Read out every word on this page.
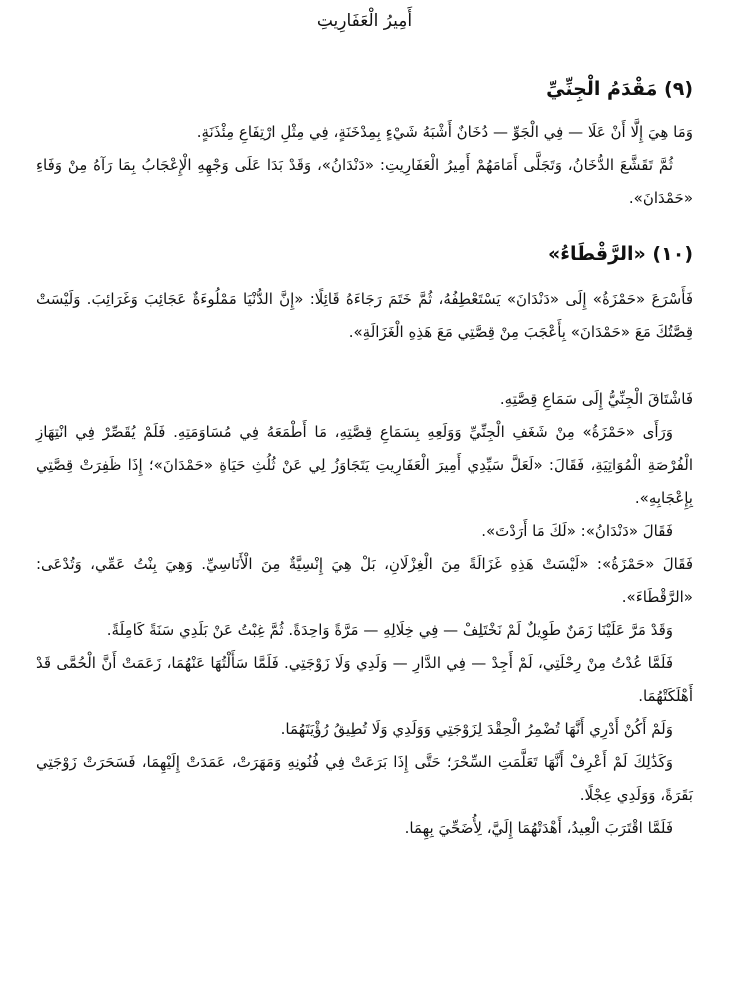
أَمِيرُ الْعَفَارِيتِ
(٩) مَقْدَمُ الْجِنِّيِّ

وَمَا هِيَ إِلَّا أَنْ عَلَا — فِي الْجَوِّ — دُخَانٌ أَشْبَهُ شَيْءٍ بِمِدْخَنَةٍ، فِي مِثْلِ ارْتِفَاعِ مِئْذَنَةٍ.

ثُمَّ تَقَشَّعَ الدُّخَانُ، وَتَجَلَّى أَمَامَهُمْ أَمِيرُ الْعَفَارِيتِ: «دَنْدَانُ»، وَقَدْ بَدَا عَلَى وَجْهِهِ الْإِعْجَابُ بِمَا رَآهُ مِنْ وَفَاءِ «حَمْدَانَ».

(١٠) «الرَّقْطَاءُ»

فَأَسْرَعَ «حَمْزَةُ» إِلَى «دَنْدَانَ» يَسْتَعْطِفُهُ، ثُمَّ خَتَمَ رَجَاءَهُ قَائِلًا: «إِنَّ الدُّنْيَا مَمْلُوءَةٌ عَجَائِبَ وَغَرَائِبَ. وَلَيْسَتْ قِصَّتُكَ مَعَ «حَمْدَانَ» بِأَعْجَبَ مِنْ قِصَّتِي مَعَ هَذِهِ الْغَزَالَةِ».

فَاشْتَاقَ الْجِنِّيُّ إِلَى سَمَاعِ قِصَّتِهِ.

وَرَأَى «حَمْزَةُ» مِنْ شَغَفِ الْجِنِّيِّ وَوَلَعِهِ بِسَمَاعِ قِصَّتِهِ، مَا أَطْمَعَهُ فِي مُسَاوَمَتِهِ. فَلَمْ يُقَصِّرْ فِي انْتِهَازِ الْفُرْصَةِ الْمُوَاتِيَةِ، فَقَالَ: «لَعَلَّ سَيِّدِي أَمِيرَ الْعَفَارِيتِ يَتَجَاوَزُ لِي عَنْ ثُلُثِ حَيَاةِ «حَمْدَانَ»؛ إِذَا ظَفِرَتْ قِصَّتِي بِإِعْجَابِهِ».

فَقَالَ «دَنْدَانُ»: «لَكَ مَا أَرَدْتَ».

فَقَالَ «حَمْزَةُ»: «لَيْسَتْ هَذِهِ غَزَالَةً مِنَ الْغِزْلَانِ، بَلْ هِيَ إِنْسِيَّةٌ مِنَ الْأَنَاسِيِّ. وَهِيَ بِنْتُ عَمِّي، وَتُدْعَى: «الرَّقْطَاءَ».

وَقَدْ مَرَّ عَلَيْنَا زَمَنٌ طَوِيلٌ لَمْ نَخْتَلِفْ — فِي خِلَالِهِ — مَرَّةً وَاحِدَةً. ثُمَّ غِبْتُ عَنْ بَلَدِي سَنَةً كَامِلَةً.

فَلَمَّا عُدْتُ مِنْ رِحْلَتِي، لَمْ أَجِدْ — فِي الدَّارِ — وَلَدِي وَلَا زَوْجَتِي. فَلَمَّا سَأَلْتُهَا عَنْهُمَا، زَعَمَتْ أَنَّ الْحُمَّى قَدْ أَهْلَكَتْهُمَا.

وَلَمْ أَكُنْ أَدْرِي أَنَّهَا تُضْمِرُ الْحِقْدَ لِزَوْجَتِي وَوَلَدِي وَلَا تُطِيقُ رُؤْيَتَهُمَا.

وَكَذَٰلِكَ لَمْ أَعْرِفْ أَنَّهَا تَعَلَّمَتِ السِّحْرَ؛ حَتَّى إِذَا بَرَعَتْ فِي فُنُونِهِ وَمَهَرَتْ، عَمَدَتْ إِلَيْهِمَا، فَسَحَرَتْ زَوْجَتِي بَقَرَةً، وَوَلَدِي عِجْلًا.

فَلَمَّا اقْتَرَبَ الْعِيدُ، أَهْدَتْهُمَا إِلَيَّ، لِأُضَحِّيَ بِهِمَا.
